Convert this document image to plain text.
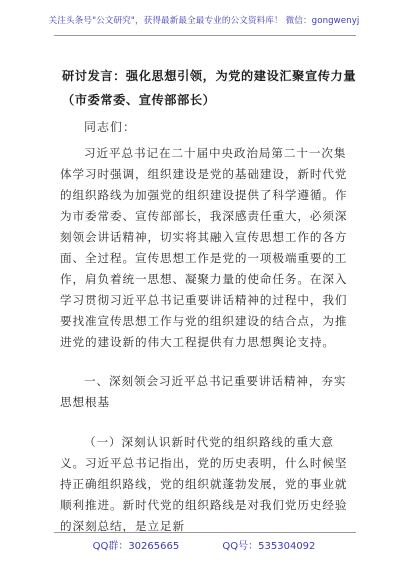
关注头条号"公文研究"，获得最新最全最专业的公文资料库！ 微信：gongwenyj
研讨发言：强化思想引领，为党的建设汇聚宣传力量（市委常委、宣传部部长）
同志们：

习近平总书记在二十届中央政治局第二十一次集体学习时强调，组织建设是党的基础建设，新时代党的组织路线为加强党的组织建设提供了科学遵循。作为市委常委、宣传部部长，我深感责任重大，必须深刻领会讲话精神，切实将其融入宣传思想工作的各方面、全过程。宣传思想工作是党的一项极端重要的工作，肩负着统一思想、凝聚力量的使命任务。在深入学习贯彻习近平总书记重要讲话精神的过程中，我们要找准宣传思想工作与党的组织建设的结合点，为推进党的建设新的伟大工程提供有力思想舆论支持。

一、深刻领会习近平总书记重要讲话精神，夯实思想根基

（一）深刻认识新时代党的组织路线的重大意义。习近平总书记指出，党的历史表明，什么时候坚持正确组织路线，党的组织就蓬勃发展，党的事业就顺利推进。新时代党的组织路线是对我们党历史经验的深刻总结，是立足新

QQ群：30265665	QQ号：535304092
